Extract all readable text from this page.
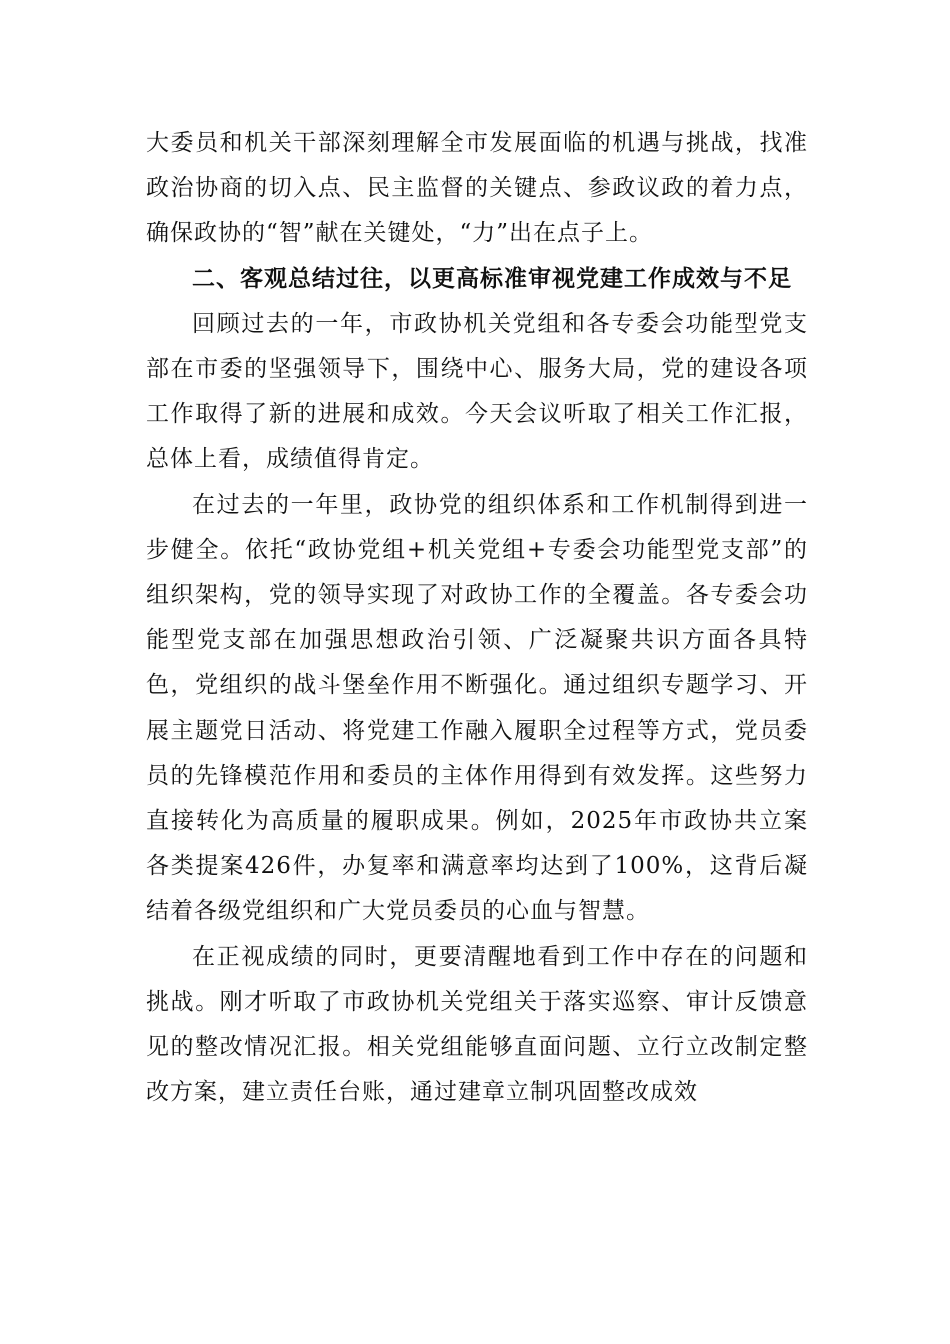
大委员和机关干部深刻理解全市发展面临的机遇与挑战，找准政治协商的切入点、民主监督的关键点、参政议政的着力点，确保政协的“智”献在关键处，“力”出在点子上。

二、客观总结过往，以更高标准审视党建工作成效与不足

回顾过去的一年，市政协机关党组和各专委会功能型党支部在市委的坚强领导下，围绕中心、服务大局，党的建设各项工作取得了新的进展和成效。今天会议听取了相关工作汇报，总体上看，成绩值得肯定。

在过去的一年里，政协党的组织体系和工作机制得到进一步健全。依托“政协党组+机关党组+专委会功能型党支部”的组织架构，党的领导实现了对政协工作的全覆盖。各专委会功能型党支部在加强思想政治引领、广泛凝聚共识方面各具特色，党组织的战斗堡垒作用不断强化。通过组织专题学习、开展主题党日活动、将党建工作融入履职全过程等方式，党员委员的先锋模范作用和委员的主体作用得到有效发挥。这些努力直接转化为高质量的履职成果。例如，2025年市政协共立案各类提案426件，办复率和满意率均达到了100%，这背后凝结着各级党组织和广大党员委员的心血与智慧。

在正视成绩的同时，更要清醒地看到工作中存在的问题和挑战。刚才听取了市政协机关党组关于落实巡察、审计反馈意见的整改情况汇报。相关党组能够直面问题、立行立改制定整改方案，建立责任台账，通过建章立制巩固整改成效
